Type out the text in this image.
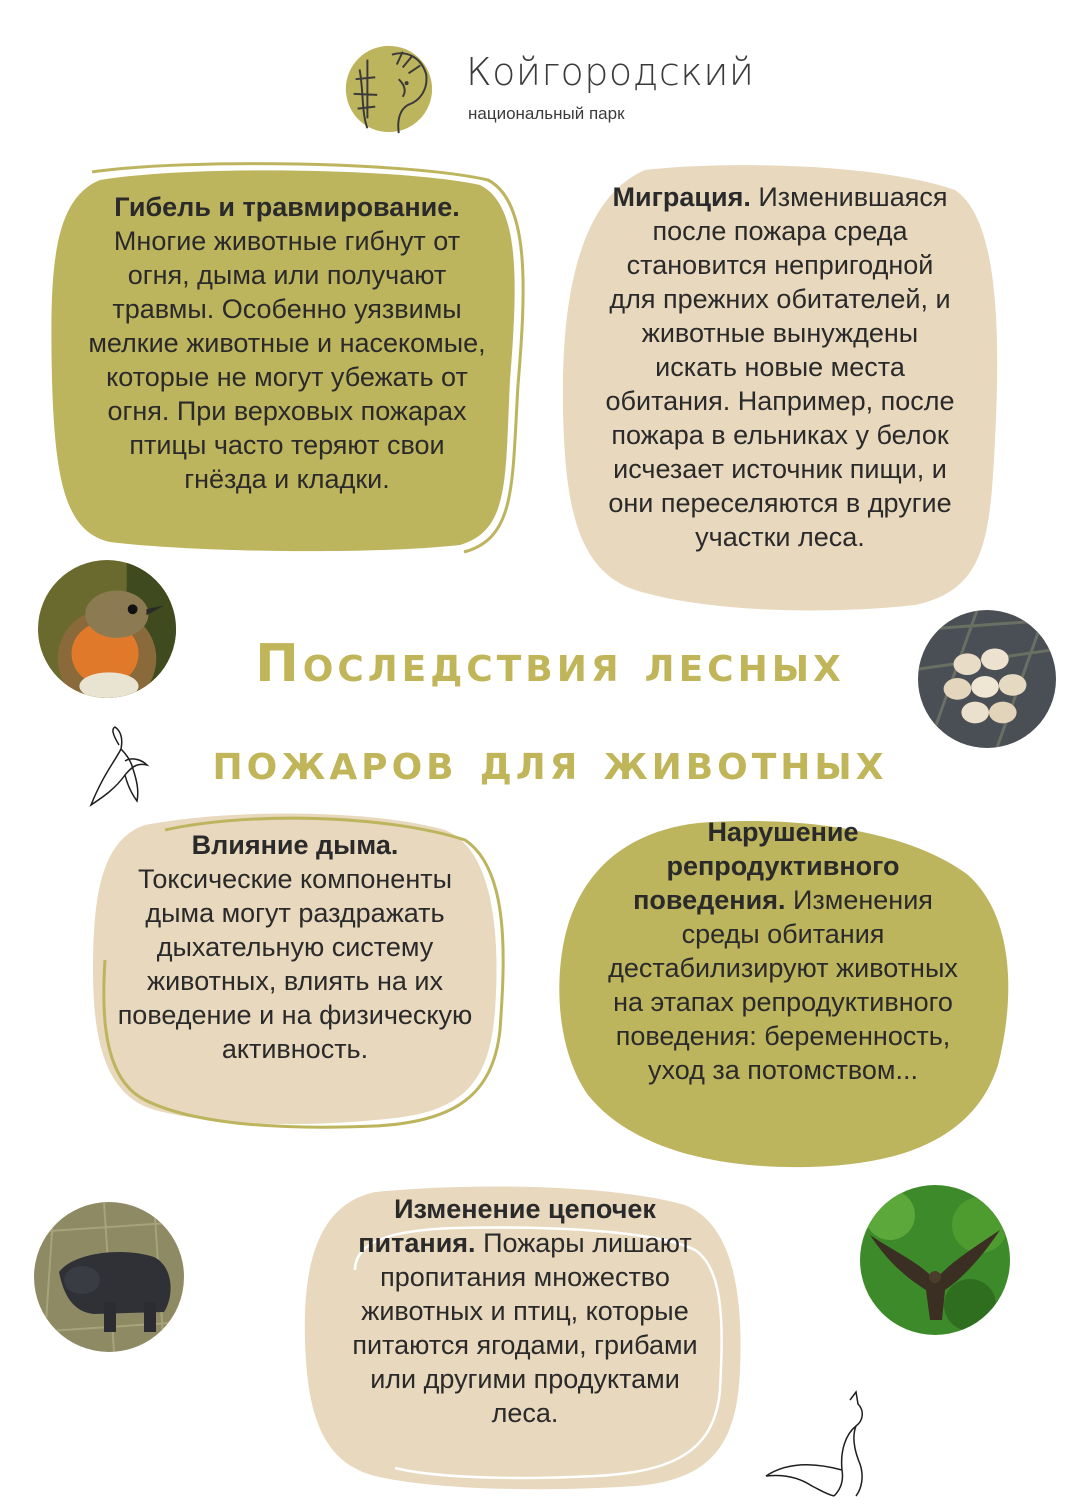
Койгородский
национальный парк
Гибель и травмирование.
Многие животные гибнут от
огня, дыма или получают
травмы. Особенно уязвимы
мелкие животные и насекомые,
которые не могут убежать от
огня. При верховых пожарах
птицы часто теряют свои
гнёзда и кладки.
Миграция. Изменившаяся
после пожара среда
становится непригодной
для прежних обитателей, и
животные вынуждены
искать новые места
обитания. Например, после
пожара в ельниках у белок
исчезает источник пищи, и
они переселяются в другие
участки леса.
Последствия лесных
пожаров для животных
Влияние дыма.
Токсические компоненты
дыма могут раздражать
дыхательную систему
животных, влиять на их
поведение и на физическую
активность.
Нарушение
репродуктивного
поведения. Изменения
среды обитания
дестабилизируют животных
на этапах репродуктивного
поведения: беременность,
уход за потомством...
Изменение цепочек
питания. Пожары лишают
пропитания множество
животных и птиц, которые
питаются ягодами, грибами
или другими продуктами
леса.
